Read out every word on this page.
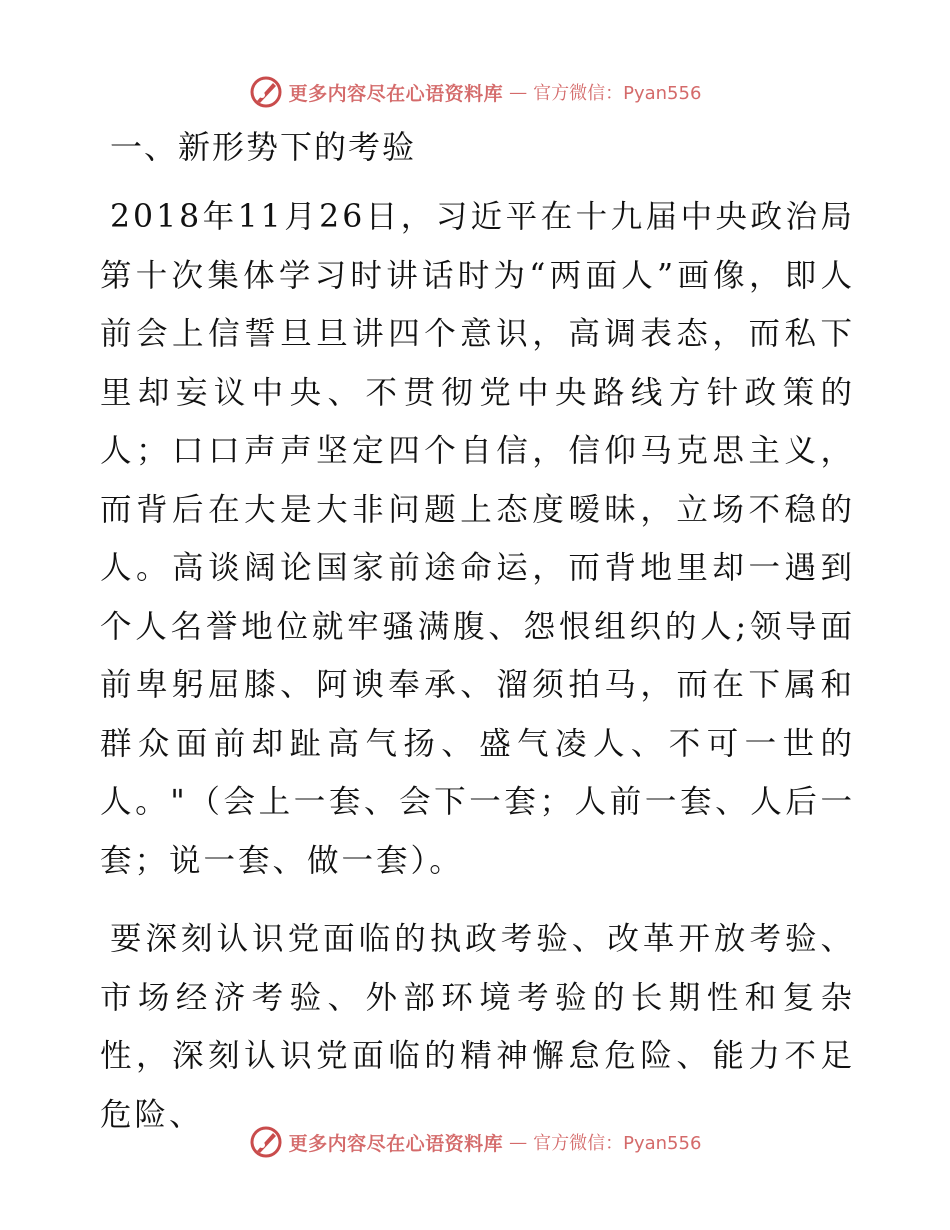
更多内容尽在心语资料库 — 官方微信：Pyan556
一、新形势下的考验

2018年11月26日，习近平在十九届中央政治局第十次集体学习时讲话时为“两面人”画像，即人前会上信誓旦旦讲四个意识，高调表态，而私下里却妄议中央、不贯彻党中央路线方针政策的人；口口声声坚定四个自信，信仰马克思主义，而背后在大是大非问题上态度暧昧，立场不稳的人。高谈阔论国家前途命运，而背地里却一遇到个人名誉地位就牢骚满腹、怨恨组织的人;领导面前卑躬屈膝、阿谀奉承、溜须拍马，而在下属和群众面前却趾高气扬、盛气凌人、不可一世的人。"（会上一套、会下一套；人前一套、人后一套；说一套、做一套）。

要深刻认识党面临的执政考验、改革开放考验、市场经济考验、外部环境考验的长期性和复杂性，深刻认识党面临的精神懈怠危险、能力不足危险、

更多内容尽在心语资料库 — 官方微信：Pyan556
